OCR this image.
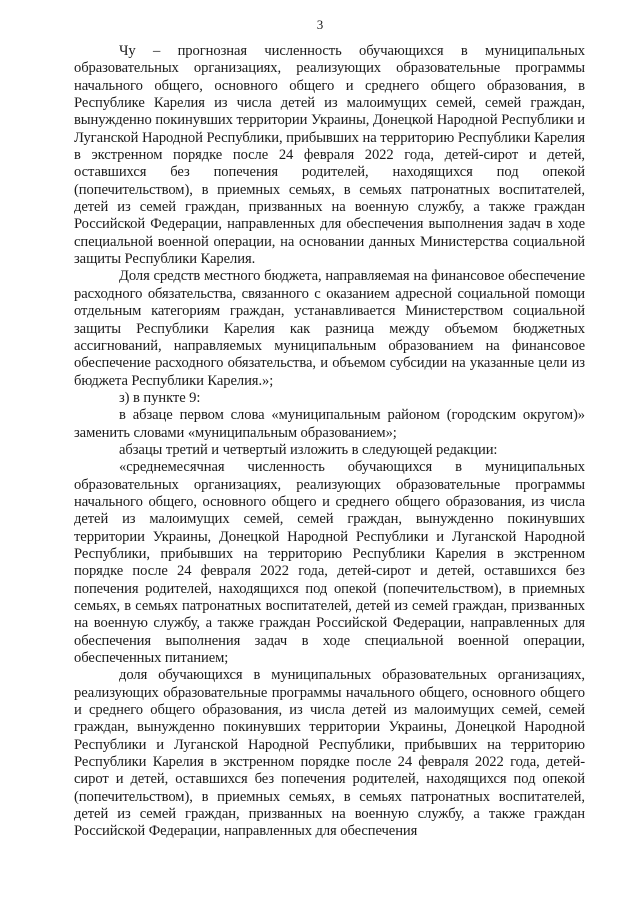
3

Чу – прогнозная численность обучающихся в муниципальных образовательных организациях, реализующих образовательные программы начального общего, основного общего и среднего общего образования, в Республике Карелия из числа детей из малоимущих семей, семей граждан, вынужденно покинувших территории Украины, Донецкой Народной Республики и Луганской Народной Республики, прибывших на территорию Республики Карелия в экстренном порядке после 24 февраля 2022 года, детей-сирот и детей, оставшихся без попечения родителей, находящихся под опекой (попечительством), в приемных семьях, в семьях патронатных воспитателей, детей из семей граждан, призванных на военную службу, а также граждан Российской Федерации, направленных для обеспечения выполнения задач в ходе специальной военной операции, на основании данных Министерства социальной защиты Республики Карелия.

Доля средств местного бюджета, направляемая на финансовое обеспечение расходного обязательства, связанного с оказанием адресной социальной помощи отдельным категориям граждан, устанавливается Министерством социальной защиты Республики Карелия как разница между объемом бюджетных ассигнований, направляемых муниципальным образованием на финансовое обеспечение расходного обязательства, и объемом субсидии на указанные цели из бюджета Республики Карелия.»;

з) в пункте 9:

в абзаце первом слова «муниципальным районом (городским округом)» заменить словами «муниципальным образованием»;

абзацы третий и четвертый изложить в следующей редакции:

«среднемесячная численность обучающихся в муниципальных образовательных организациях, реализующих образовательные программы начального общего, основного общего и среднего общего образования, из числа детей из малоимущих семей, семей граждан, вынужденно покинувших территории Украины, Донецкой Народной Республики и Луганской Народной Республики, прибывших на территорию Республики Карелия в экстренном порядке после 24 февраля 2022 года, детей-сирот и детей, оставшихся без попечения родителей, находящихся под опекой (попечительством), в приемных семьях, в семьях патронатных воспитателей, детей из семей граждан, призванных на военную службу, а также граждан Российской Федерации, направленных для обеспечения выполнения задач в ходе специальной военной операции, обеспеченных питанием;

доля обучающихся в муниципальных образовательных организациях, реализующих образовательные программы начального общего, основного общего и среднего общего образования, из числа детей из малоимущих семей, семей граждан, вынужденно покинувших территории Украины, Донецкой Народной Республики и Луганской Народной Республики, прибывших на территорию Республики Карелия в экстренном порядке после 24 февраля 2022 года, детей-сирот и детей, оставшихся без попечения родителей, находящихся под опекой (попечительством), в приемных семьях, в семьях патронатных воспитателей, детей из семей граждан, призванных на военную службу, а также граждан Российской Федерации, направленных для обеспечения
